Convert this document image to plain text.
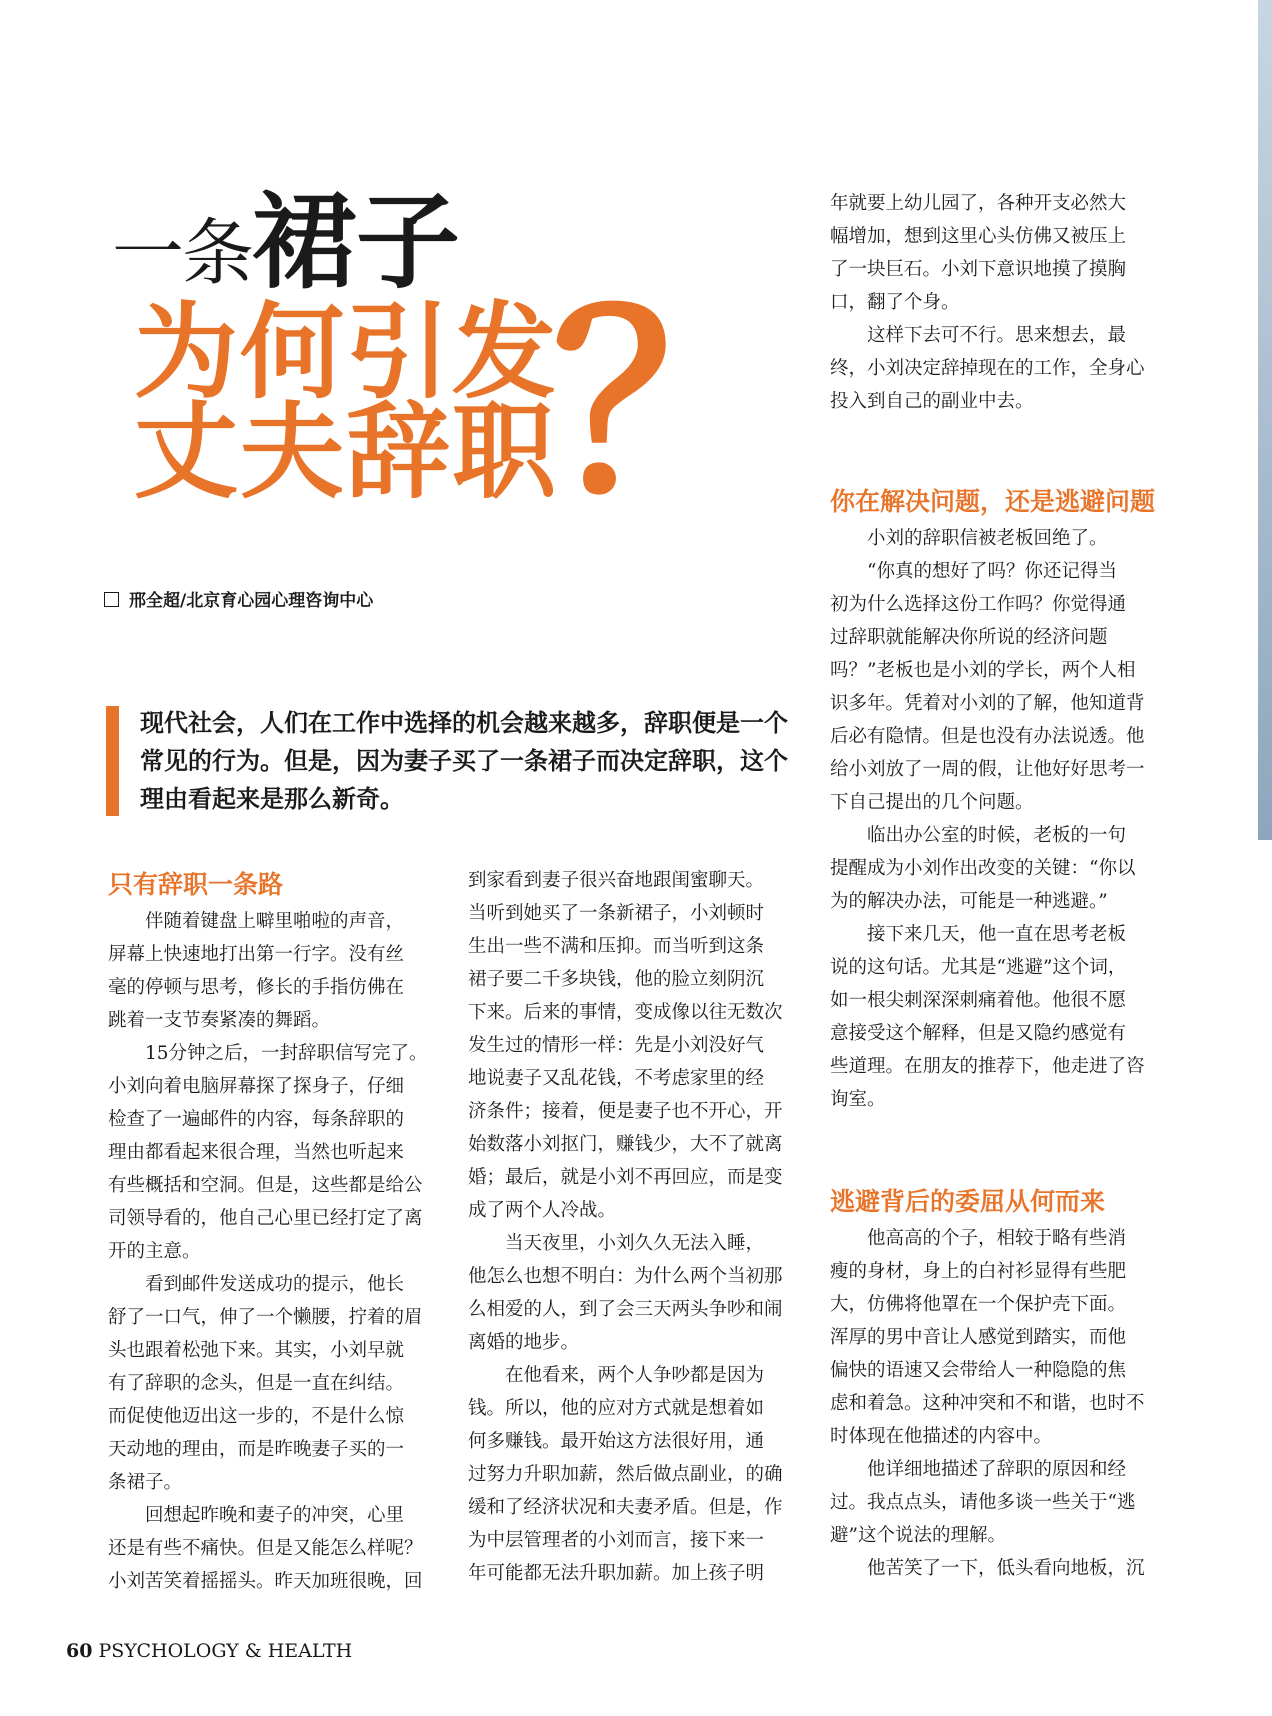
一条裙子
为何引发
丈夫辞职
？
邢全超/北京育心园心理咨询中心
现代社会，人们在工作中选择的机会越来越多，辞职便是一个
常见的行为。但是，因为妻子买了一条裙子而决定辞职，这个
理由看起来是那么新奇。
只有辞职一条路
　　伴随着键盘上噼里啪啦的声音，
屏幕上快速地打出第一行字。没有丝
毫的停顿与思考，修长的手指仿佛在
跳着一支节奏紧凑的舞蹈。
　　15分钟之后，一封辞职信写完了。
小刘向着电脑屏幕探了探身子，仔细
检查了一遍邮件的内容，每条辞职的
理由都看起来很合理，当然也听起来
有些概括和空洞。但是，这些都是给公
司领导看的，他自己心里已经打定了离
开的主意。
　　看到邮件发送成功的提示，他长
舒了一口气，伸了一个懒腰，拧着的眉
头也跟着松弛下来。其实，小刘早就
有了辞职的念头，但是一直在纠结。
而促使他迈出这一步的，不是什么惊
天动地的理由，而是昨晚妻子买的一
条裙子。
　　回想起昨晚和妻子的冲突，心里
还是有些不痛快。但是又能怎么样呢？
小刘苦笑着摇摇头。昨天加班很晚，回
到家看到妻子很兴奋地跟闺蜜聊天。
当听到她买了一条新裙子，小刘顿时
生出一些不满和压抑。而当听到这条
裙子要二千多块钱，他的脸立刻阴沉
下来。后来的事情，变成像以往无数次
发生过的情形一样：先是小刘没好气
地说妻子又乱花钱，不考虑家里的经
济条件；接着，便是妻子也不开心，开
始数落小刘抠门，赚钱少，大不了就离
婚；最后，就是小刘不再回应，而是变
成了两个人冷战。
　　当天夜里，小刘久久无法入睡，
他怎么也想不明白：为什么两个当初那
么相爱的人，到了会三天两头争吵和闹
离婚的地步。
　　在他看来，两个人争吵都是因为
钱。所以，他的应对方式就是想着如
何多赚钱。最开始这方法很好用，通
过努力升职加薪，然后做点副业，的确
缓和了经济状况和夫妻矛盾。但是，作
为中层管理者的小刘而言，接下来一
年可能都无法升职加薪。加上孩子明
年就要上幼儿园了，各种开支必然大
幅增加，想到这里心头仿佛又被压上
了一块巨石。小刘下意识地摸了摸胸
口，翻了个身。
　　这样下去可不行。思来想去，最
终，小刘决定辞掉现在的工作，全身心
投入到自己的副业中去。
你在解决问题，还是逃避问题
　　小刘的辞职信被老板回绝了。
　　“你真的想好了吗？你还记得当
初为什么选择这份工作吗？你觉得通
过辞职就能解决你所说的经济问题
吗？”老板也是小刘的学长，两个人相
识多年。凭着对小刘的了解，他知道背
后必有隐情。但是也没有办法说透。他
给小刘放了一周的假，让他好好思考一
下自己提出的几个问题。
　　临出办公室的时候，老板的一句
提醒成为小刘作出改变的关键：“你以
为的解决办法，可能是一种逃避。”
　　接下来几天，他一直在思考老板
说的这句话。尤其是“逃避”这个词，
如一根尖刺深深刺痛着他。他很不愿
意接受这个解释，但是又隐约感觉有
些道理。在朋友的推荐下，他走进了咨
询室。
逃避背后的委屈从何而来
　　他高高的个子，相较于略有些消
瘦的身材，身上的白衬衫显得有些肥
大，仿佛将他罩在一个保护壳下面。
浑厚的男中音让人感觉到踏实，而他
偏快的语速又会带给人一种隐隐的焦
虑和着急。这种冲突和不和谐，也时不
时体现在他描述的内容中。
　　他详细地描述了辞职的原因和经
过。我点点头，请他多谈一些关于“逃
避”这个说法的理解。
　　他苦笑了一下，低头看向地板，沉
60 PSYCHOLOGY & HEALTH
